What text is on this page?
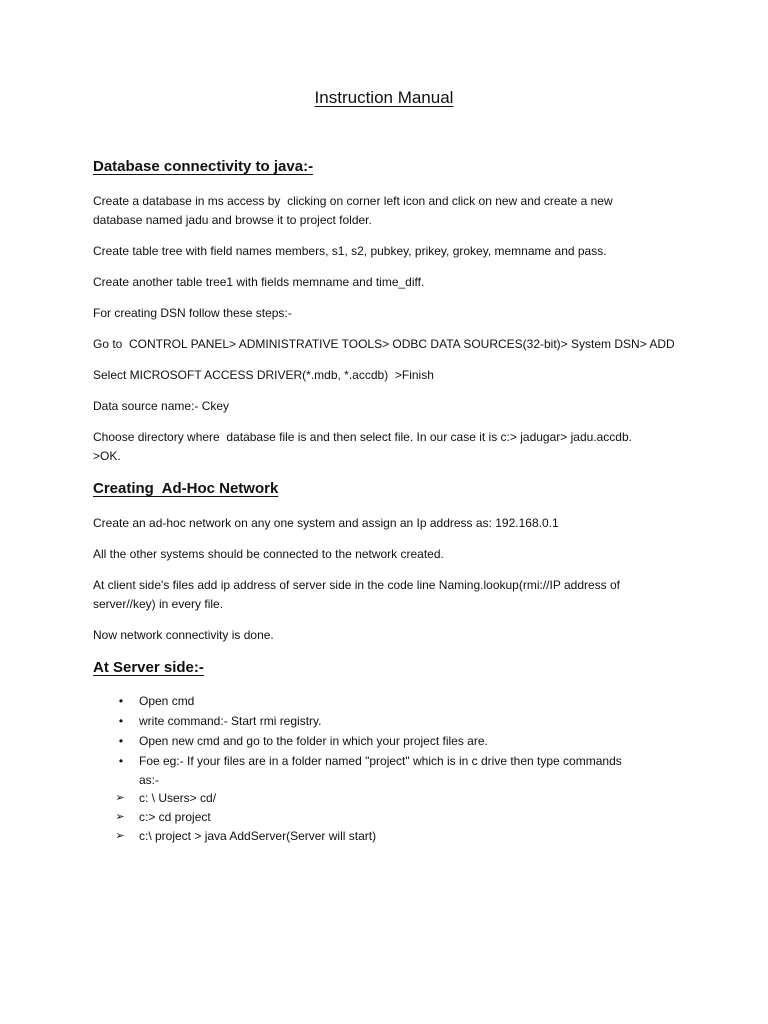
Instruction Manual
Database connectivity to java:-
Create a database in ms access by  clicking on corner left icon and click on new and create a new
database named jadu and browse it to project folder.
Create table tree with field names members, s1, s2, pubkey, prikey, grokey, memname and pass.
Create another table tree1 with fields memname and time_diff.
For creating DSN follow these steps:-
Go to  CONTROL PANEL> ADMINISTRATIVE TOOLS> ODBC DATA SOURCES(32-bit)> System DSN> ADD
Select MICROSOFT ACCESS DRIVER(*.mdb, *.accdb)  >Finish
Data source name:- Ckey
Choose directory where  database file is and then select file. In our case it is c:> jadugar> jadu.accdb.
>OK.
Creating  Ad-Hoc Network
Create an ad-hoc network on any one system and assign an Ip address as: 192.168.0.1
All the other systems should be connected to the network created.
At client side's files add ip address of server side in the code line Naming.lookup(rmi://IP address of
server//key) in every file.
Now network connectivity is done.
At Server side:-
• Open cmd
• write command:- Start rmi registry.
• Open new cmd and go to the folder in which your project files are.
• Foe eg:- If your files are in a folder named "project" which is in c drive then type commands
as:-
➢ c: \ Users> cd/
➢ c:> cd project
➢ c:\ project > java AddServer(Server will start)
